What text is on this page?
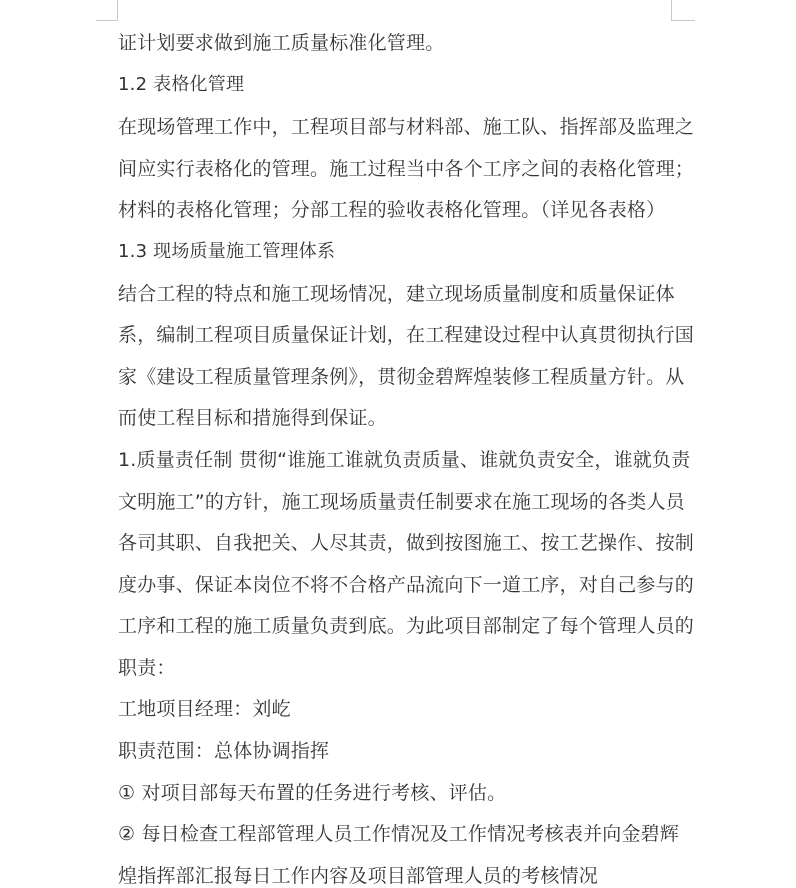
证计划要求做到施工质量标准化管理。
1.2 表格化管理
在现场管理工作中，工程项目部与材料部、施工队、指挥部及监理之
间应实行表格化的管理。施工过程当中各个工序之间的表格化管理；
材料的表格化管理；分部工程的验收表格化管理。（详见各表格）
1.3 现场质量施工管理体系
结合工程的特点和施工现场情况，建立现场质量制度和质量保证体
系，编制工程项目质量保证计划，在工程建设过程中认真贯彻执行国
家《建设工程质量管理条例》，贯彻金碧辉煌装修工程质量方针。从
而使工程目标和措施得到保证。
1.质量责任制 贯彻“谁施工谁就负责质量、谁就负责安全，谁就负责
文明施工”的方针，施工现场质量责任制要求在施工现场的各类人员
各司其职、自我把关、人尽其责，做到按图施工、按工艺操作、按制
度办事、保证本岗位不将不合格产品流向下一道工序，对自己参与的
工序和工程的施工质量负责到底。为此项目部制定了每个管理人员的
职责：
工地项目经理：刘屹
职责范围：总体协调指挥
① 对项目部每天布置的任务进行考核、评估。
② 每日检查工程部管理人员工作情况及工作情况考核表并向金碧辉
煌指挥部汇报每日工作内容及项目部管理人员的考核情况
